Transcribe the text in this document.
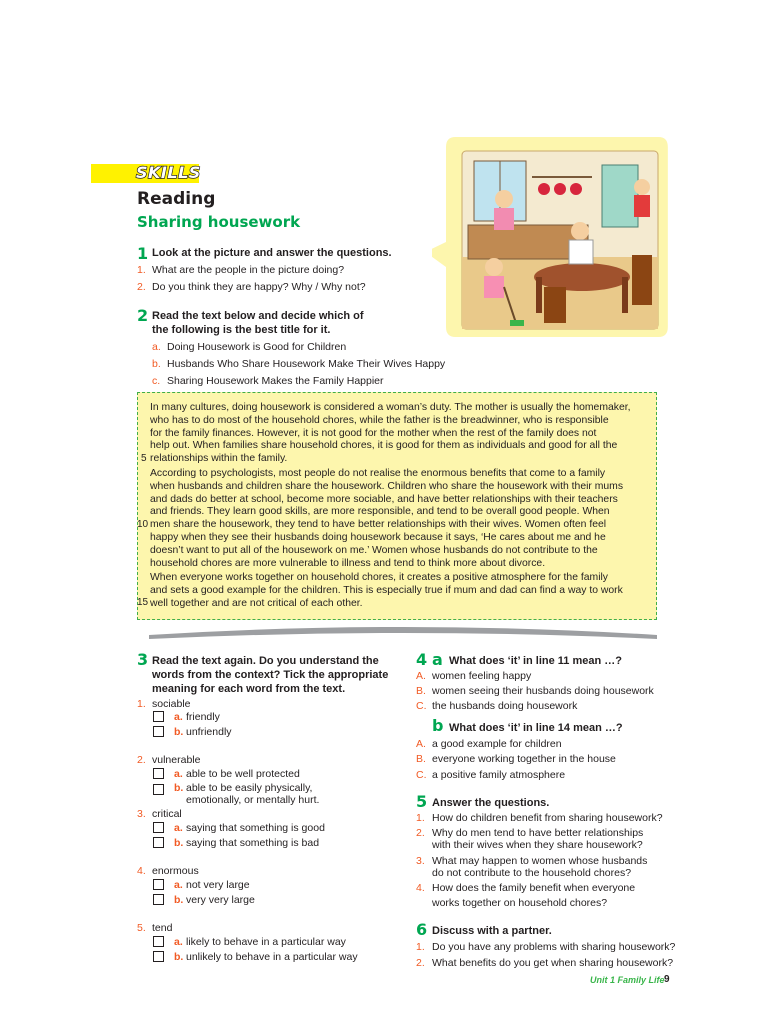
SKILLS
Reading
Sharing housework
1 Look at the picture and answer the questions.
1. What are the people in the picture doing?
2. Do you think they are happy? Why / Why not?
2 Read the text below and decide which of
the following is the best title for it.
a. Doing Housework is Good for Children
b. Husbands Who Share Housework Make Their Wives Happy
c. Sharing Housework Makes the Family Happier
In many cultures, doing housework is considered a woman’s duty. The mother is usually the homemaker,
who has to do most of the household chores, while the father is the breadwinner, who is responsible
for the family finances. However, it is not good for the mother when the rest of the family does not
help out. When families share household chores, it is good for them as individuals and good for all the
relationships within the family.
According to psychologists, most people do not realise the enormous benefits that come to a family
when husbands and children share the housework. Children who share the housework with their mums
and dads do better at school, become more sociable, and have better relationships with their teachers
and friends. They learn good skills, are more responsible, and tend to be overall good people. When
men share the housework, they tend to have better relationships with their wives. Women often feel
happy when they see their husbands doing housework because it says, ‘He cares about me and he
doesn’t want to put all of the housework on me.’ Women whose husbands do not contribute to the
household chores are more vulnerable to illness and tend to think more about divorce.
When everyone works together on household chores, it creates a positive atmosphere for the family
and sets a good example for the children. This is especially true if mum and dad can find a way to work
well together and are not critical of each other.
5
10
15
3 Read the text again. Do you understand the
words from the context? Tick the appropriate
meaning for each word from the text.
1. sociable
a. friendly
b. unfriendly
2. vulnerable
a. able to be well protected
b. able to be easily physically,
emotionally, or mentally hurt.
3. critical
a. saying that something is good
b. saying that something is bad
4. enormous
a. not very large
b. very very large
5. tend
a. likely to behave in a particular way
b. unlikely to behave in a particular way
4 a What does ‘it’ in line 11 mean …?
A. women feeling happy
B. women seeing their husbands doing housework
C. the husbands doing housework
b What does ‘it’ in line 14 mean …?
A. a good example for children
B. everyone working together in the house
C. a positive family atmosphere
5 Answer the questions.
1. How do children benefit from sharing housework?
2. Why do men tend to have better relationships
with their wives when they share housework?
3. What may happen to women whose husbands
do not contribute to the household chores?
4. How does the family benefit when everyone
works together on household chores?
6 Discuss with a partner.
1. Do you have any problems with sharing housework?
2. What benefits do you get when sharing housework?
Unit 1 Family Life 9
